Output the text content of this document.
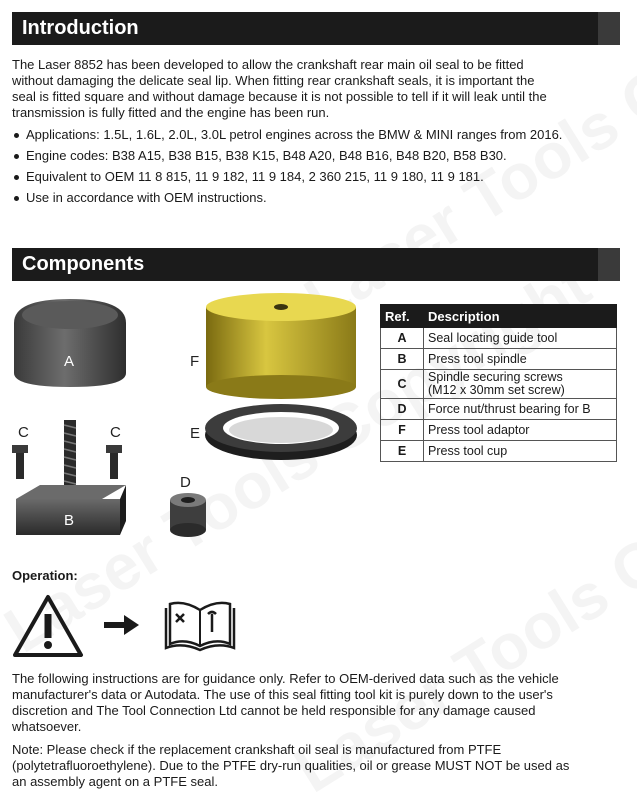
Introduction
The Laser 8852 has been developed to allow the crankshaft rear main oil seal to be fitted
without damaging the delicate seal lip. When fitting rear crankshaft seals, it is important the
seal is fitted square and without damage because it is not possible to tell if it will leak until the
transmission is fully fitted and the engine has been run.
Applications: 1.5L, 1.6L, 2.0L, 3.0L petrol engines across the BMW & MINI ranges from 2016.
Engine codes: B38 A15, B38 B15, B38 K15, B48 A20, B48 B16, B48 B20, B58 B30.
Equivalent to OEM 11 8 815, 11 9 182, 11 9 184, 2 360 215, 11 9 180, 11 9 181.
Use in accordance with OEM instructions.
Components
A	F
E
C	C
D
B
Ref.	Description
A	Seal locating guide tool
B	Press tool spindle
C	Spindle securing screws
(M12 x 30mm set screw)

D	Force nut/thrust bearing for B
F	Press tool adaptor
E	Press tool cup
Operation:
The following instructions are for guidance only. Refer to OEM-derived data such as the vehicle
manufacturer's data or Autodata. The use of this seal fitting tool kit is purely down to the user's
discretion and The Tool Connection Ltd cannot be held responsible for any damage caused
whatsoever.
Note: Please check if the replacement crankshaft oil seal is manufactured from PTFE
(polytetrafluoroethylene). Due to the PTFE dry-run qualities, oil or grease MUST NOT be used as
an assembly agent on a PTFE seal.
